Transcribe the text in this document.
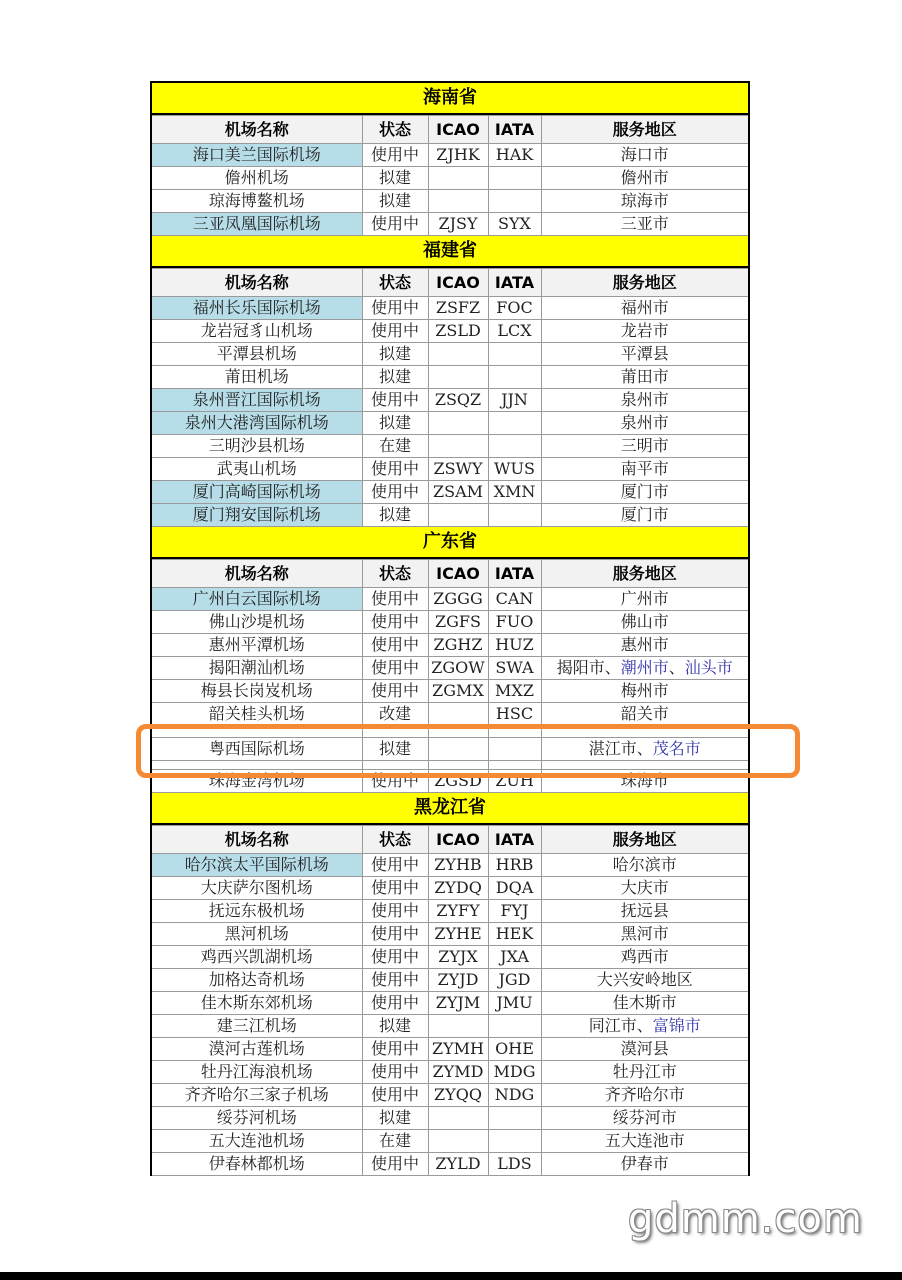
海南省
机场名称	状态	ICAO	IATA	服务地区
海口美兰国际机场	使用中	ZJHK	HAK	海口市
儋州机场	拟建			儋州市
琼海博鳌机场	拟建			琼海市
三亚凤凰国际机场	使用中	ZJSY	SYX	三亚市
福建省
机场名称	状态	ICAO	IATA	服务地区
福州长乐国际机场	使用中	ZSFZ	FOC	福州市
龙岩冠豸山机场	使用中	ZSLD	LCX	龙岩市
平潭县机场	拟建			平潭县
莆田机场	拟建			莆田市
泉州晋江国际机场	使用中	ZSQZ	JJN	泉州市
泉州大港湾国际机场	拟建			泉州市
三明沙县机场	在建			三明市
武夷山机场	使用中	ZSWY	WUS	南平市
厦门高崎国际机场	使用中	ZSAM	XMN	厦门市
厦门翔安国际机场	拟建			厦门市
广东省
机场名称	状态	ICAO	IATA	服务地区
广州白云国际机场	使用中	ZGGG	CAN	广州市
佛山沙堤机场	使用中	ZGFS	FUO	佛山市
惠州平潭机场	使用中	ZGHZ	HUZ	惠州市
揭阳潮汕机场	使用中	ZGOW	SWA	揭阳市、潮州市、汕头市
梅县长岗岌机场	使用中	ZGMX	MXZ	梅州市
韶关桂头机场	改建		HSC	韶关市

粤西国际机场	拟建			湛江市、茂名市

珠海金湾机场	使用中	ZGSD	ZUH	珠海市
黑龙江省
机场名称	状态	ICAO	IATA	服务地区
哈尔滨太平国际机场	使用中	ZYHB	HRB	哈尔滨市
大庆萨尔图机场	使用中	ZYDQ	DQA	大庆市
抚远东极机场	使用中	ZYFY	FYJ	抚远县
黑河机场	使用中	ZYHE	HEK	黑河市
鸡西兴凯湖机场	使用中	ZYJX	JXA	鸡西市
加格达奇机场	使用中	ZYJD	JGD	大兴安岭地区
佳木斯东郊机场	使用中	ZYJM	JMU	佳木斯市
建三江机场	拟建			同江市、富锦市
漠河古莲机场	使用中	ZYMH	OHE	漠河县
牡丹江海浪机场	使用中	ZYMD	MDG	牡丹江市
齐齐哈尔三家子机场	使用中	ZYQQ	NDG	齐齐哈尔市
绥芬河机场	拟建			绥芬河市
五大连池机场	在建			五大连池市
伊春林都机场	使用中	ZYLD	LDS	伊春市
gdmm.com
